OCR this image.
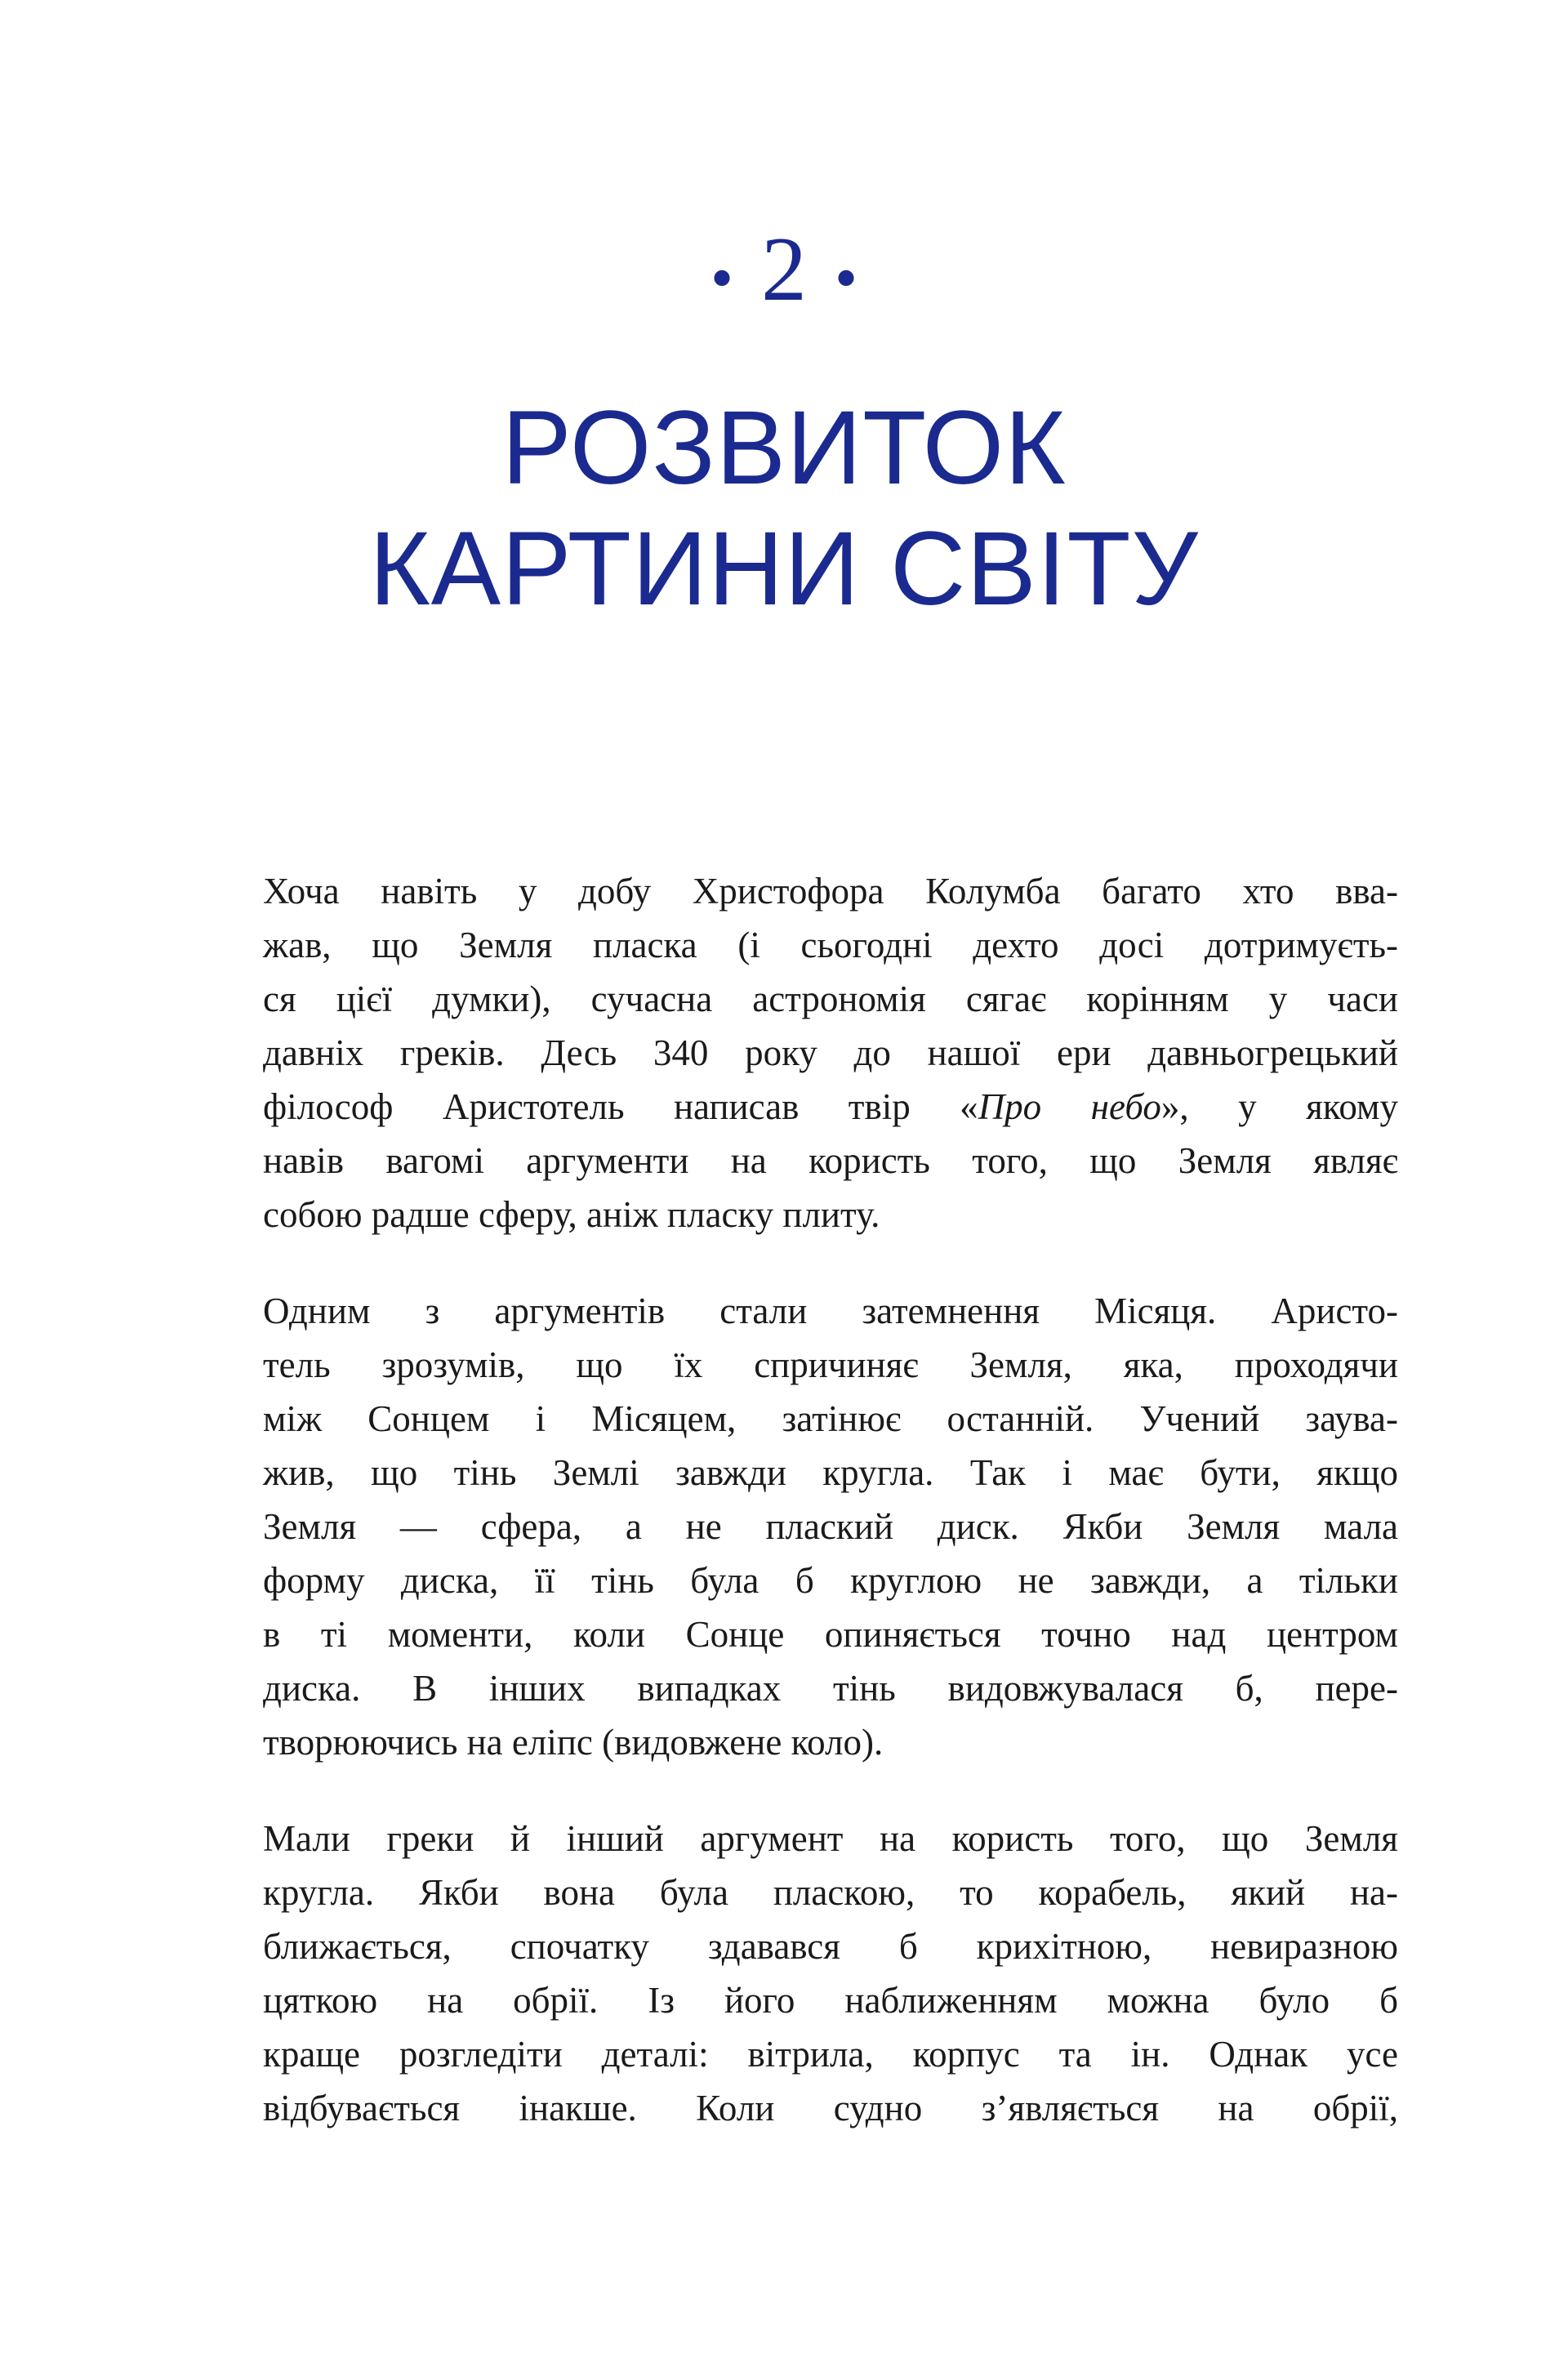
• 2 •
РОЗВИТОК
КАРТИНИ СВІТУ
Хоча навіть у добу Христофора Колумба багато хто вва-
жав, що Земля пласка (і сьогодні дехто досі дотримуєть-
ся цієї думки), сучасна астрономія сягає корінням у часи
давніх греків. Десь 340 року до нашої ери давньогрецький
філософ Аристотель написав твір «Про небо», у якому
навів вагомі аргументи на користь того, що Земля являє
собою радше сферу, аніж пласку плиту.
Одним з аргументів стали затемнення Місяця. Аристо-
тель зрозумів, що їх спричиняє Земля, яка, проходячи
між Сонцем і Місяцем, затінює останній. Учений заува-
жив, що тінь Землі завжди кругла. Так і має бути, якщо
Земля — сфера, а не плаский диск. Якби Земля мала
форму диска, її тінь була б круглою не завжди, а тільки
в ті моменти, коли Сонце опиняється точно над центром
диска. В інших випадках тінь видовжувалася б, пере-
творюючись на еліпс (видовжене коло).
Мали греки й інший аргумент на користь того, що Земля
кругла. Якби вона була пласкою, то корабель, який на-
ближається, спочатку здавався б крихітною, невиразною
цяткою на обрії. Із його наближенням можна було б
краще розгледіти деталі: вітрила, корпус та ін. Однак усе
відбувається інакше. Коли судно з’являється на обрії,
